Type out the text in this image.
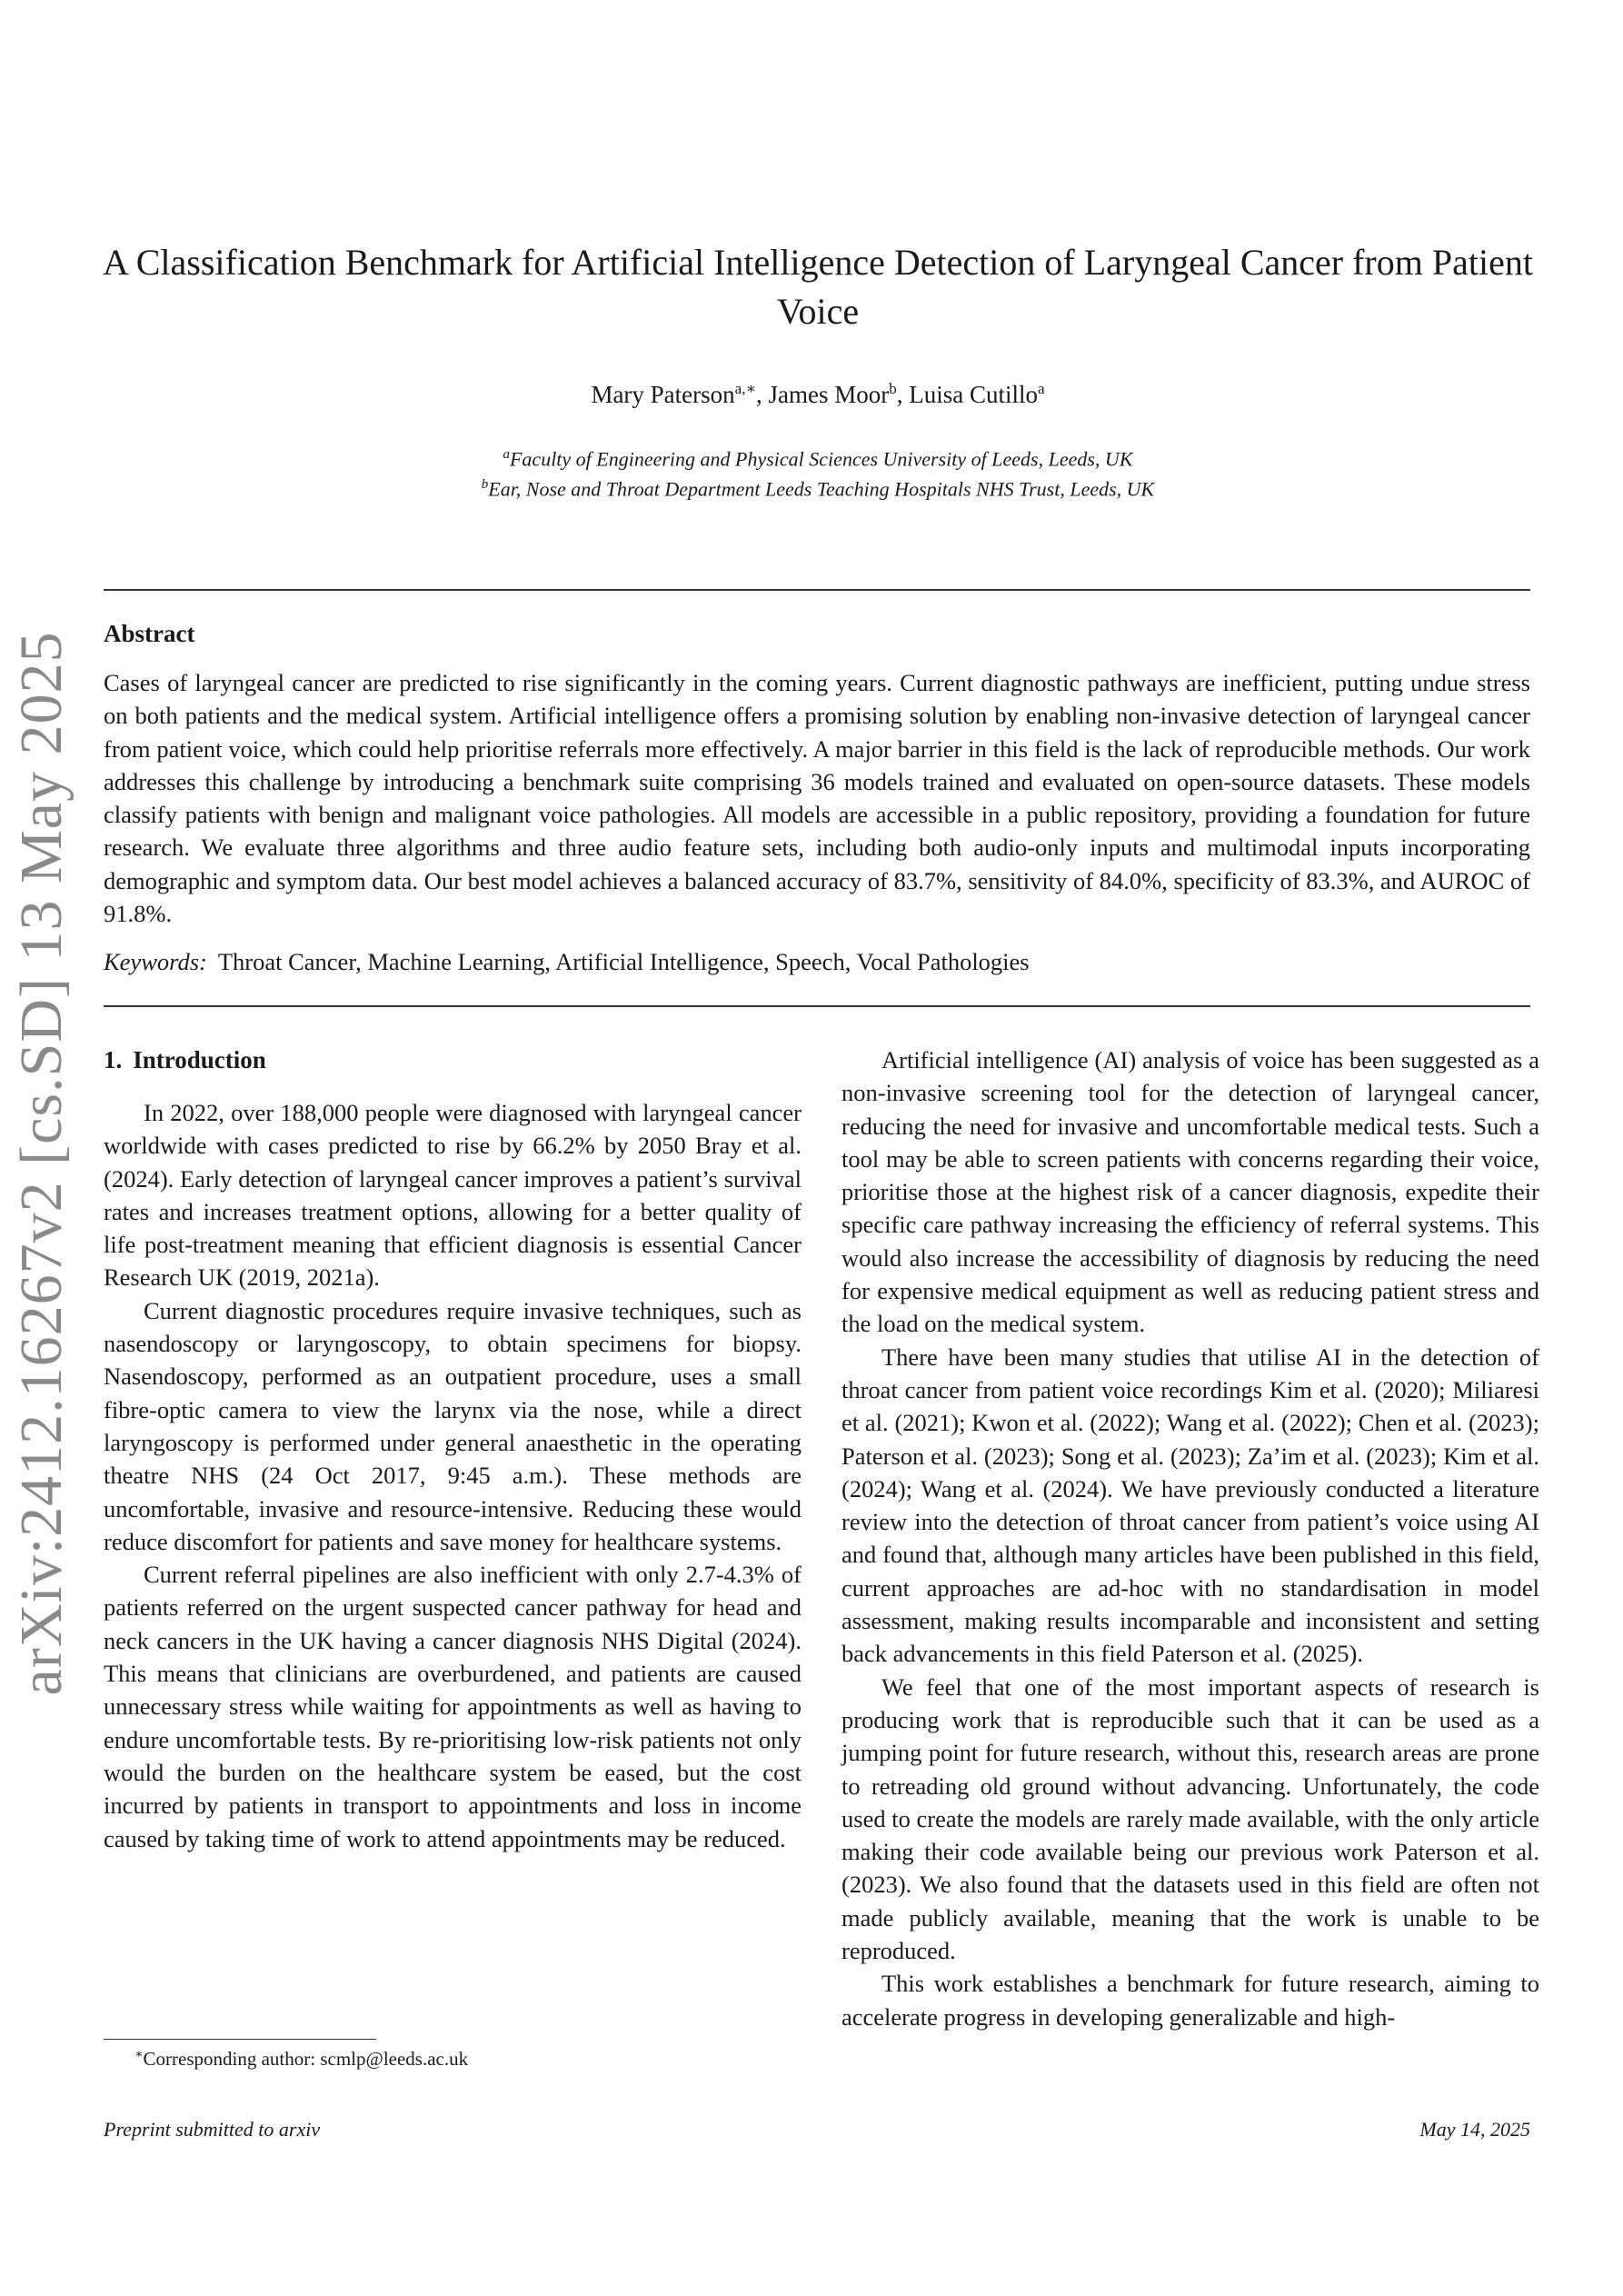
arXiv:2412.16267v2 [cs.SD] 13 May 2025
A Classification Benchmark for Artificial Intelligence Detection of Laryngeal Cancer from Patient Voice
Mary Paterson$^{a,∗}$, James Moor$^b$, Luisa Cutillo$^a$
$^a$Faculty of Engineering and Physical Sciences University of Leeds, Leeds, UK
$^b$Ear, Nose and Throat Department Leeds Teaching Hospitals NHS Trust, Leeds, UK
Abstract
Cases of laryngeal cancer are predicted to rise significantly in the coming years. Current diagnostic pathways are inefficient, putting undue stress on both patients and the medical system. Artificial intelligence offers a promising solution by enabling non-invasive detection of laryngeal cancer from patient voice, which could help prioritise referrals more effectively. A major barrier in this field is the lack of reproducible methods. Our work addresses this challenge by introducing a benchmark suite comprising 36 models trained and evaluated on open-source datasets. These models classify patients with benign and malignant voice pathologies. All models are accessible in a public repository, providing a foundation for future research. We evaluate three algorithms and three audio feature sets, including both audio-only inputs and multimodal inputs incorporating demographic and symptom data. Our best model achieves a balanced accuracy of 83.7%, sensitivity of 84.0%, specificity of 83.3%, and AUROC of 91.8%.
Keywords: Throat Cancer, Machine Learning, Artificial Intelligence, Speech, Vocal Pathologies
1. Introduction

In 2022, over 188,000 people were diagnosed with laryngeal cancer worldwide with cases predicted to rise by 66.2% by 2050 Bray et al. (2024). Early detection of laryngeal cancer improves a patient’s survival rates and increases treatment options, allowing for a better quality of life post-treatment meaning that efficient diagnosis is essential Cancer Research UK (2019, 2021a).

Current diagnostic procedures require invasive techniques, such as nasendoscopy or laryngoscopy, to obtain specimens for biopsy. Nasendoscopy, performed as an outpatient procedure, uses a small fibre-optic camera to view the larynx via the nose, while a direct laryngoscopy is performed under general anaesthetic in the operating theatre NHS (24 Oct 2017, 9:45 a.m.). These methods are uncomfortable, invasive and resource-intensive. Reducing these would reduce discomfort for patients and save money for healthcare systems.

Current referral pipelines are also inefficient with only 2.7-4.3% of patients referred on the urgent suspected cancer pathway for head and neck cancers in the UK having a cancer diagnosis NHS Digital (2024). This means that clinicians are overburdened, and patients are caused unnecessary stress while waiting for appointments as well as having to endure uncomfortable tests. By re-prioritising low-risk patients not only would the burden on the healthcare system be eased, but the cost incurred by patients in transport to appointments and loss in income caused by taking time of work to attend appointments may be reduced.

Artificial intelligence (AI) analysis of voice has been suggested as a non-invasive screening tool for the detection of laryngeal cancer, reducing the need for invasive and uncomfortable medical tests. Such a tool may be able to screen patients with concerns regarding their voice, prioritise those at the highest risk of a cancer diagnosis, expedite their specific care pathway increasing the efficiency of referral systems. This would also increase the accessibility of diagnosis by reducing the need for expensive medical equipment as well as reducing patient stress and the load on the medical system.

There have been many studies that utilise AI in the detection of throat cancer from patient voice recordings Kim et al. (2020); Miliaresi et al. (2021); Kwon et al. (2022); Wang et al. (2022); Chen et al. (2023); Paterson et al. (2023); Song et al. (2023); Za’im et al. (2023); Kim et al. (2024); Wang et al. (2024). We have previously conducted a literature review into the detection of throat cancer from patient’s voice using AI and found that, although many articles have been published in this field, current approaches are ad-hoc with no standardisation in model assessment, making results incomparable and inconsistent and setting back advancements in this field Paterson et al. (2025).

We feel that one of the most important aspects of research is producing work that is reproducible such that it can be used as a jumping point for future research, without this, research areas are prone to retreading old ground without advancing. Unfortunately, the code used to create the models are rarely made available, with the only article making their code available being our previous work Paterson et al. (2023). We also found that the datasets used in this field are often not made publicly available, meaning that the work is unable to be reproduced.

This work establishes a benchmark for future research, aiming to accelerate progress in developing generalizable and high-

∗Corresponding author: scmlp@leeds.ac.uk
Preprint submitted to arxiv	May 14, 2025
